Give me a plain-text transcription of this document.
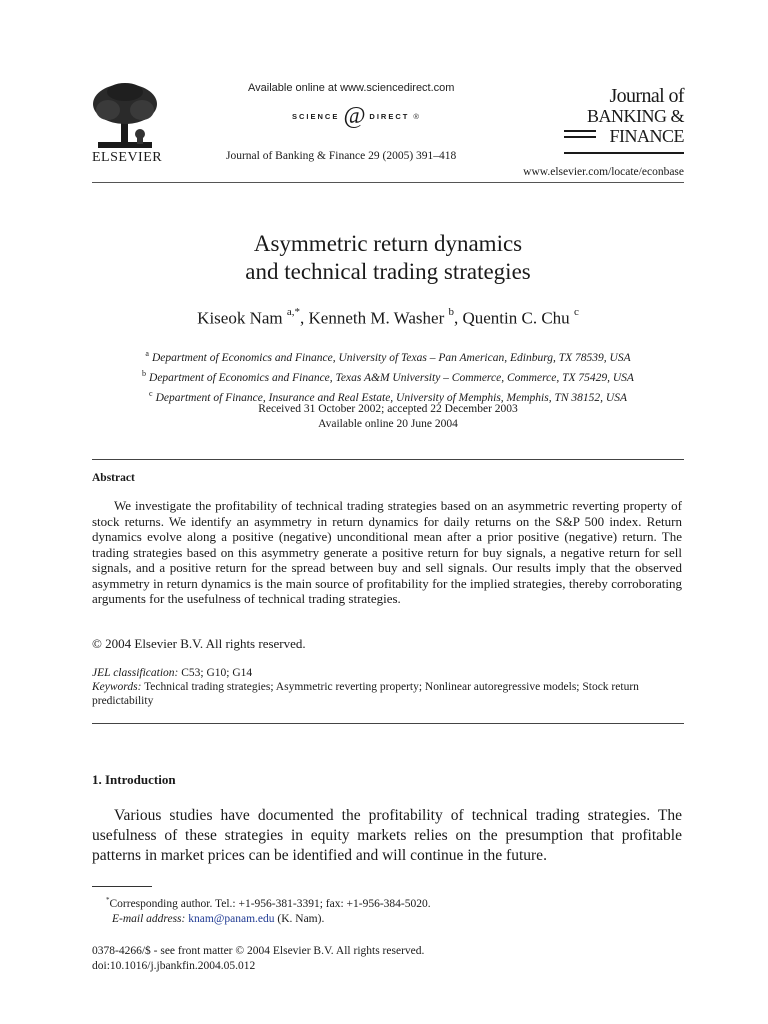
ELSEVIER
Available online at www.sciencedirect.com
SCIENCE @ DIRECT ®
Journal of Banking & Finance 29 (2005) 391–418
Journal of
BANKING &
FINANCE
www.elsevier.com/locate/econbase
Asymmetric return dynamics
and technical trading strategies
Kiseok Nam $^{a,*}$, Kenneth M. Washer $^b$, Quentin C. Chu $^c$
$^a$ Department of Economics and Finance, University of Texas – Pan American, Edinburg, TX 78539, USA
$^b$ Department of Economics and Finance, Texas A&M University – Commerce, Commerce, TX 75429, USA
$^c$ Department of Finance, Insurance and Real Estate, University of Memphis, Memphis, TN 38152, USA
Received 31 October 2002; accepted 22 December 2003
Available online 20 June 2004
Abstract
We investigate the profitability of technical trading strategies based on an asymmetric reverting property of stock returns. We identify an asymmetry in return dynamics for daily returns on the S&P 500 index. Return dynamics evolve along a positive (negative) unconditional mean after a prior positive (negative) return. The trading strategies based on this asymmetry generate a positive return for buy signals, a negative return for sell signals, and a positive return for the spread between buy and sell signals. Our results imply that the observed asymmetry in return dynamics is the main source of profitability for the implied strategies, thereby corroborating arguments for the usefulness of technical trading strategies.
© 2004 Elsevier B.V. All rights reserved.
JEL classification: C53; G10; G14
Keywords: Technical trading strategies; Asymmetric reverting property; Nonlinear autoregressive models; Stock return predictability
1. Introduction
Various studies have documented the profitability of technical trading strategies. The usefulness of these strategies in equity markets relies on the presumption that profitable patterns in market prices can be identified and will continue in the future.
*Corresponding author. Tel.: +1-956-381-3391; fax: +1-956-384-5020.
E-mail address: knam@panam.edu (K. Nam).
0378-4266/$ - see front matter © 2004 Elsevier B.V. All rights reserved.
doi:10.1016/j.jbankfin.2004.05.012
